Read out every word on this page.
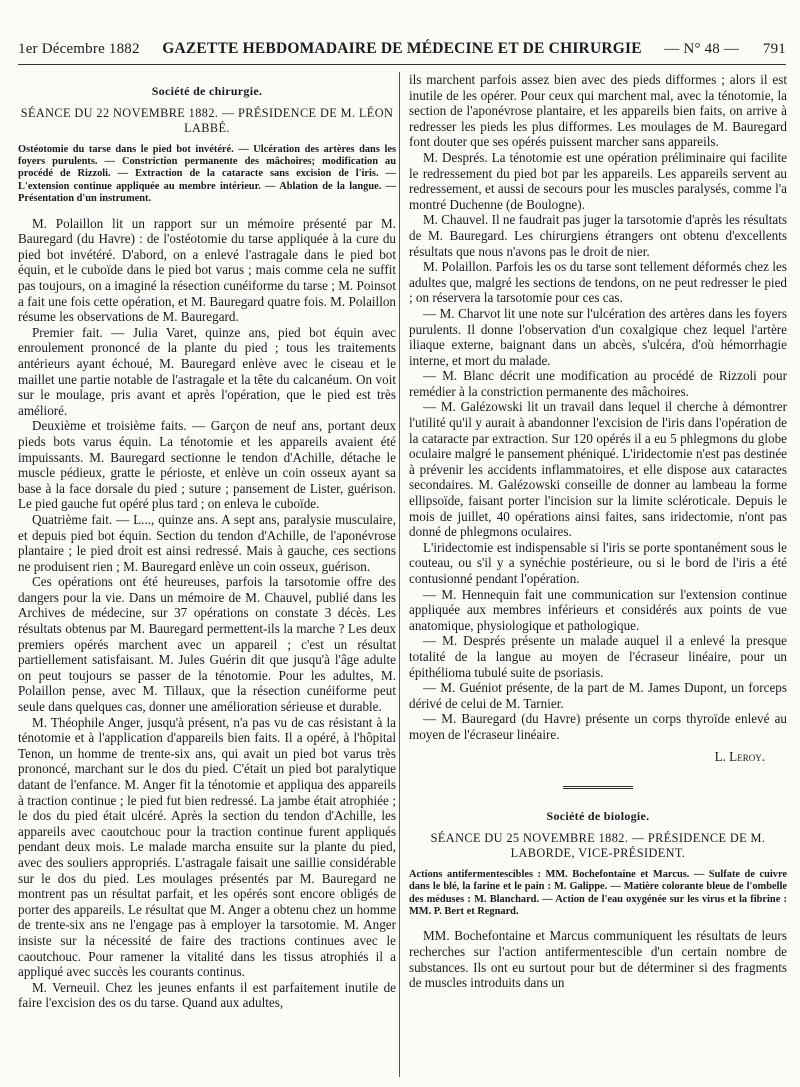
1er Décembre 1882 GAZETTE HEBDOMADAIRE DE MÉDECINE ET DE CHIRURGIE — N° 48 — 791

Société de chirurgie.

SÉANCE DU 22 NOVEMBRE 1882. — PRÉSIDENCE DE M. LÉON LABBÉ.

Ostéotomie du tarse dans le pied bot invétéré. — Ulcération des artères dans les foyers purulents. — Constriction permanente des mâchoires; modification au procédé de Rizzoli. — Extraction de la cataracte sans excision de l'iris. — L'extension continue appliquée au membre intérieur. — Ablation de la langue. — Présentation d'un instrument.

M. Polaillon lit un rapport sur un mémoire présenté par M. Bauregard (du Havre) : de l'ostéotomie du tarse appliquée à la cure du pied bot invétéré. D'abord, on a enlevé l'astragale dans le pied bot équin, et le cuboïde dans le pied bot varus ; mais comme cela ne suffit pas toujours, on a imaginé la résection cunéiforme du tarse ; M. Poinsot a fait une fois cette opération, et M. Bauregard quatre fois. M. Polaillon résume les observations de M. Bauregard.

Premier fait. — Julia Varet, quinze ans, pied bot équin avec enroulement prononcé de la plante du pied ; tous les traitements antérieurs ayant échoué, M. Bauregard enlève avec le ciseau et le maillet une partie notable de l'astragale et la tête du calcanéum. On voit sur le moulage, pris avant et après l'opération, que le pied est très amélioré.

Deuxième et troisième faits. — Garçon de neuf ans, portant deux pieds bots varus équin. La ténotomie et les appareils avaient été impuissants. M. Bauregard sectionne le tendon d'Achille, détache le muscle pédieux, gratte le périoste, et enlève un coin osseux ayant sa base à la face dorsale du pied ; suture ; pansement de Lister, guérison. Le pied gauche fut opéré plus tard ; on enleva le cuboïde.

Quatrième fait. — L..., quinze ans. A sept ans, paralysie musculaire, et depuis pied bot équin. Section du tendon d'Achille, de l'aponévrose plantaire ; le pied droit est ainsi redressé. Mais à gauche, ces sections ne produisent rien ; M. Bauregard enlève un coin osseux, guérison.

Ces opérations ont été heureuses, parfois la tarsotomie offre des dangers pour la vie. Dans un mémoire de M. Chauvel, publié dans les Archives de médecine, sur 37 opérations on constate 3 décès. Les résultats obtenus par M. Bauregard permettent-ils la marche ? Les deux premiers opérés marchent avec un appareil ; c'est un résultat partiellement satisfaisant. M. Jules Guérin dit que jusqu'à l'âge adulte on peut toujours se passer de la ténotomie. Pour les adultes, M. Polaillon pense, avec M. Tillaux, que la résection cunéiforme peut seule dans quelques cas, donner une amélioration sérieuse et durable.

M. Théophile Anger, jusqu'à présent, n'a pas vu de cas résistant à la ténotomie et à l'application d'appareils bien faits. Il a opéré, à l'hôpital Tenon, un homme de trente-six ans, qui avait un pied bot varus très prononcé, marchant sur le dos du pied. C'était un pied bot paralytique datant de l'enfance. M. Anger fit la ténotomie et appliqua des appareils à traction continue ; le pied fut bien redressé. La jambe était atrophiée ; le dos du pied était ulcéré. Après la section du tendon d'Achille, les appareils avec caoutchouc pour la traction continue furent appliqués pendant deux mois. Le malade marcha ensuite sur la plante du pied, avec des souliers appropriés. L'astragale faisait une saillie considérable sur le dos du pied. Les moulages présentés par M. Bauregard ne montrent pas un résultat parfait, et les opérés sont encore obligés de porter des appareils. Le résultat que M. Anger a obtenu chez un homme de trente-six ans ne l'engage pas à employer la tarsotomie. M. Anger insiste sur la nécessité de faire des tractions continues avec le caoutchouc. Pour ramener la vitalité dans les tissus atrophiés il a appliqué avec succès les courants continus.

M. Verneuil. Chez les jeunes enfants il est parfaitement inutile de faire l'excision des os du tarse. Quand aux adultes,

ils marchent parfois assez bien avec des pieds difformes ; alors il est inutile de les opérer. Pour ceux qui marchent mal, avec la ténotomie, la section de l'aponévrose plantaire, et les appareils bien faits, on arrive à redresser les pieds les plus difformes. Les moulages de M. Bauregard font douter que ses opérés puissent marcher sans appareils.

M. Després. La ténotomie est une opération préliminaire qui facilite le redressement du pied bot par les appareils. Les appareils servent au redressement, et aussi de secours pour les muscles paralysés, comme l'a montré Duchenne (de Boulogne).

M. Chauvel. Il ne faudrait pas juger la tarsotomie d'après les résultats de M. Bauregard. Les chirurgiens étrangers ont obtenu d'excellents résultats que nous n'avons pas le droit de nier.

M. Polaillon. Parfois les os du tarse sont tellement déformés chez les adultes que, malgré les sections de tendons, on ne peut redresser le pied ; on réservera la tarsotomie pour ces cas.

— M. Charvot lit une note sur l'ulcération des artères dans les foyers purulents. Il donne l'observation d'un coxalgique chez lequel l'artère iliaque externe, baignant dans un abcès, s'ulcéra, d'où hémorrhagie interne, et mort du malade.

— M. Blanc décrit une modification au procédé de Rizzoli pour remédier à la constriction permanente des mâchoires.

— M. Galézowski lit un travail dans lequel il cherche à démontrer l'utilité qu'il y aurait à abandonner l'excision de l'iris dans l'opération de la cataracte par extraction. Sur 120 opérés il a eu 5 phlegmons du globe oculaire malgré le pansement phéniqué. L'iridectomie n'est pas destinée à prévenir les accidents inflammatoires, et elle dispose aux cataractes secondaires. M. Galézowski conseille de donner au lambeau la forme ellipsoïde, faisant porter l'incision sur la limite scléroticale. Depuis le mois de juillet, 40 opérations ainsi faites, sans iridectomie, n'ont pas donné de phlegmons oculaires.

L'iridectomie est indispensable si l'iris se porte spontanément sous le couteau, ou s'il y a synéchie postérieure, ou si le bord de l'iris a été contusionné pendant l'opération.

— M. Hennequin fait une communication sur l'extension continue appliquée aux membres inférieurs et considérés aux points de vue anatomique, physiologique et pathologique.

— M. Després présente un malade auquel il a enlevé la presque totalité de la langue au moyen de l'écraseur linéaire, pour un épithélioma tubulé suite de psoriasis.

— M. Guéniot présente, de la part de M. James Dupont, un forceps dérivé de celui de M. Tarnier.

— M. Bauregard (du Havre) présente un corps thyroïde enlevé au moyen de l'écraseur linéaire.

L. Leroy.

Société de biologie.

SÉANCE DU 25 NOVEMBRE 1882. — PRÉSIDENCE DE M. LABORDE, VICE-PRÉSIDENT.

Actions antifermentescibles : MM. Bochefontaine et Marcus. — Sulfate de cuivre dans le blé, la farine et le pain : M. Galippe. — Matière colorante bleue de l'ombelle des méduses : M. Blanchard. — Action de l'eau oxygénée sur les virus et la fibrine : MM. P. Bert et Regnard.

MM. Bochefontaine et Marcus communiquent les résultats de leurs recherches sur l'action antifermentescible d'un certain nombre de substances. Ils ont eu surtout pour but de déterminer si des fragments de muscles introduits dans un
